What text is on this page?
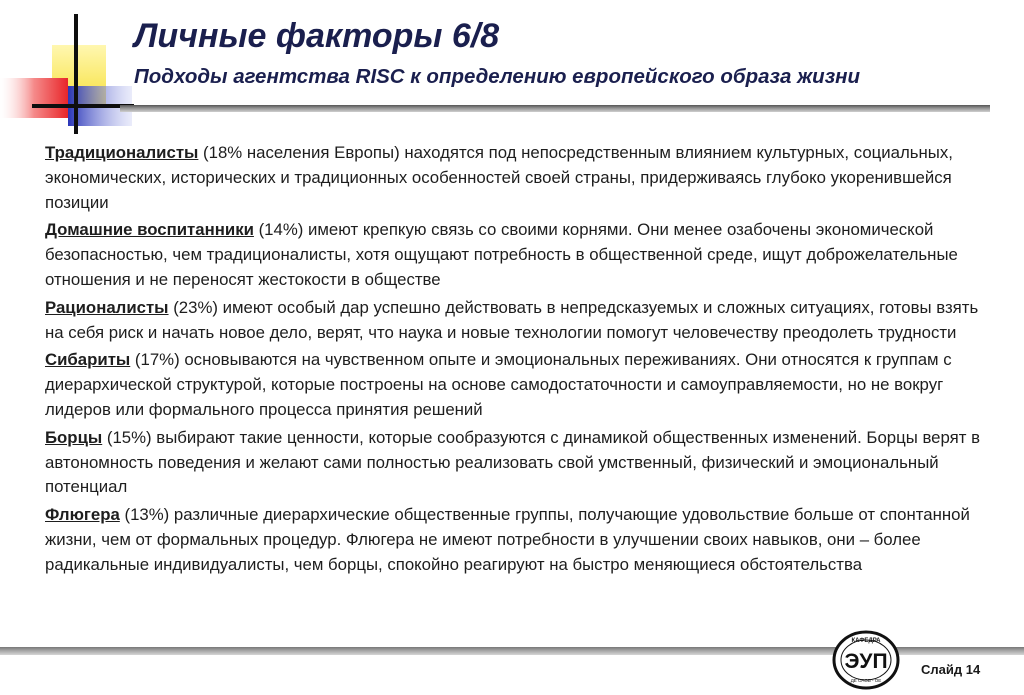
Личные факторы 6/8
Подходы агентства RISC к определению европейского образа жизни

Традиционалисты (18% населения Европы) находятся под непосредственным влиянием культурных, социальных, экономических, исторических и традиционных особенностей своей страны, придерживаясь глубоко укоренившейся позиции

Домашние воспитанники (14%) имеют крепкую связь со своими корнями. Они менее озабочены экономической безопасностью, чем традиционалисты, хотя ощущают потребность в общественной среде, ищут доброжелательные отношения и не переносят жестокости в обществе

Рационалисты (23%) имеют особый дар успешно действовать в непредсказуемых и сложных ситуациях, готовы взять на себя риск и начать новое дело, верят, что наука и новые технологии помогут человечеству преодолеть трудности

Сибариты (17%) основываются на чувственном опыте и эмоциональных переживаниях. Они относятся к группам с диерархической структурой, которые построены на основе самодостаточности и самоуправляемости, но не вокруг лидеров или формального процесса принятия решений

Борцы (15%) выбирают такие ценности, которые сообразуются с динамикой общественных изменений. Борцы верят в автономность поведения и желают сами полностью реализовать свой умственный, физический и эмоциональный потенциал

Флюгера (13%) различные диерархические общественные группы, получающие удовольствие больше от спонтанной жизни, чем от формальных процедур. Флюгера не имеют потребности в улучшении своих навыков, они – более радикальные индивидуалисты, чем борцы, спокойно реагируют на быстро меняющиеся обстоятельства

КАФЕДРА
ЭУП
ДЕ ОАОБ - ОЕ
Слайд 14
